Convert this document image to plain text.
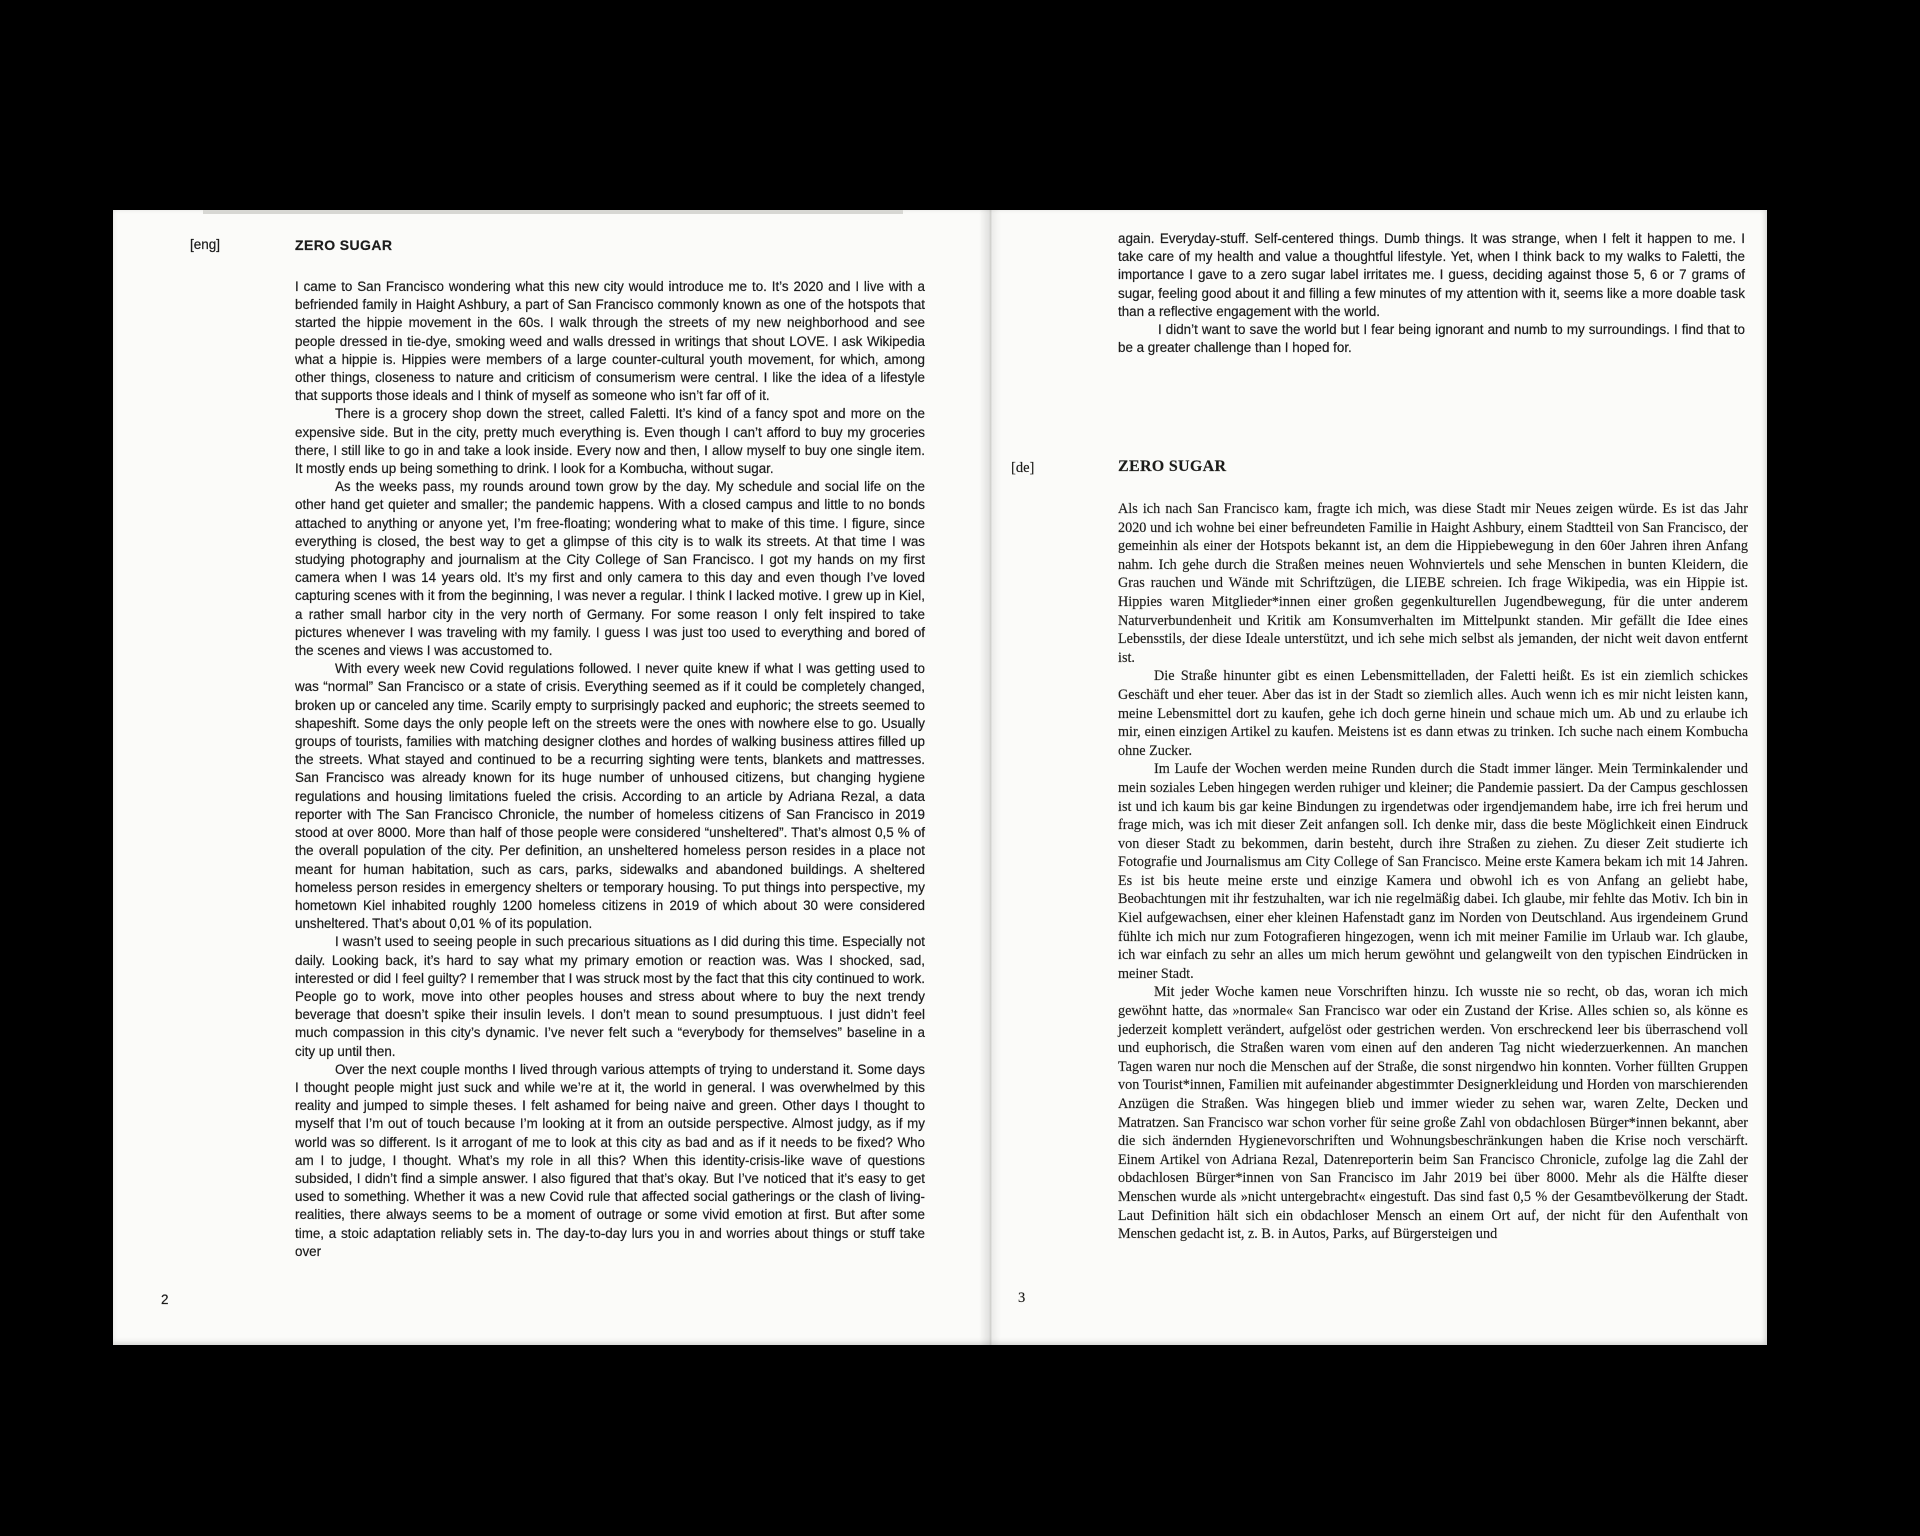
[eng]	ZERO SUGAR

I came to San Francisco wondering what this new city would introduce me to. It’s 2020 and I live with a befriended family in Haight Ashbury, a part of San Francisco commonly known as one of the hotspots that started the hippie movement in the 60s. I walk through the streets of my new neighborhood and see people dressed in tie-dye, smoking weed and walls dressed in writings that shout LOVE. I ask Wikipedia what a hippie is. Hippies were members of a large counter-cultural youth movement, for which, among other things, closeness to nature and criticism of consumerism were central. I like the idea of a lifestyle that supports those ideals and I think of myself as someone who isn’t far off of it.

There is a grocery shop down the street, called Faletti. It’s kind of a fancy spot and more on the expensive side. But in the city, pretty much everything is. Even though I can’t afford to buy my groceries there, I still like to go in and take a look inside. Every now and then, I allow myself to buy one single item. It mostly ends up being something to drink. I look for a Kombucha, without sugar.

As the weeks pass, my rounds around town grow by the day. My schedule and social life on the other hand get quieter and smaller; the pandemic happens. With a closed campus and little to no bonds attached to anything or anyone yet, I’m free-floating; wondering what to make of this time. I figure, since everything is closed, the best way to get a glimpse of this city is to walk its streets. At that time I was studying photography and journalism at the City College of San Francisco. I got my hands on my first camera when I was 14 years old. It’s my first and only camera to this day and even though I’ve loved capturing scenes with it from the beginning, I was never a regular. I think I lacked motive. I grew up in Kiel, a rather small harbor city in the very north of Germany. For some reason I only felt inspired to take pictures whenever I was traveling with my family. I guess I was just too used to everything and bored of the scenes and views I was accustomed to.

With every week new Covid regulations followed. I never quite knew if what I was getting used to was “normal” San Francisco or a state of crisis. Everything seemed as if it could be completely changed, broken up or canceled any time. Scarily empty to surprisingly packed and euphoric; the streets seemed to shapeshift. Some days the only people left on the streets were the ones with nowhere else to go. Usually groups of tourists, families with matching designer clothes and hordes of walking business attires filled up the streets. What stayed and continued to be a recurring sighting were tents, blankets and mattresses. San Francisco was already known for its huge number of unhoused citizens, but changing hygiene regulations and housing limitations fueled the crisis. According to an article by Adriana Rezal, a data reporter with The San Francisco Chronicle, the number of homeless citizens of San Francisco in 2019 stood at over 8000. More than half of those people were considered “unsheltered”. That’s almost 0,5 % of the overall population of the city. Per definition, an unsheltered homeless person resides in a place not meant for human habitation, such as cars, parks, sidewalks and abandoned buildings. A sheltered homeless person resides in emergency shelters or temporary housing. To put things into perspective, my hometown Kiel inhabited roughly 1200 homeless citizens in 2019 of which about 30 were considered unsheltered. That’s about 0,01 % of its population.

I wasn’t used to seeing people in such precarious situations as I did during this time. Especially not daily. Looking back, it’s hard to say what my primary emotion or reaction was. Was I shocked, sad, interested or did I feel guilty? I remember that I was struck most by the fact that this city continued to work. People go to work, move into other peoples houses and stress about where to buy the next trendy beverage that doesn’t spike their insulin levels. I don’t mean to sound presumptuous. I just didn’t feel much compassion in this city’s dynamic. I’ve never felt such a “everybody for themselves” baseline in a city up until then.

Over the next couple months I lived through various attempts of trying to understand it. Some days I thought people might just suck and while we’re at it, the world in general. I was overwhelmed by this reality and jumped to simple theses. I felt ashamed for being naive and green. Other days I thought to myself that I’m out of touch because I’m looking at it from an outside perspective. Almost judgy, as if my world was so different. Is it arrogant of me to look at this city as bad and as if it needs to be fixed? Who am I to judge, I thought. What’s my role in all this? When this identity-crisis-like wave of questions subsided, I didn’t find a simple answer. I also figured that that’s okay. But I’ve noticed that it’s easy to get used to something. Whether it was a new Covid rule that affected social gatherings or the clash of living-realities, there always seems to be a moment of outrage or some vivid emotion at first. But after some time, a stoic adaptation reliably sets in. The day-to-day lurs you in and worries about things or stuff take over

2

again. Everyday-stuff. Self-centered things. Dumb things. It was strange, when I felt it happen to me. I take care of my health and value a thoughtful lifestyle. Yet, when I think back to my walks to Faletti, the importance I gave to a zero sugar label irritates me. I guess, deciding against those 5, 6 or 7 grams of sugar, feeling good about it and filling a few minutes of my attention with it, seems like a more doable task than a reflective engagement with the world.

I didn’t want to save the world but I fear being ignorant and numb to my surroundings. I find that to be a greater challenge than I hoped for.

[de]	ZERO SUGAR

Als ich nach San Francisco kam, fragte ich mich, was diese Stadt mir Neues zeigen würde. Es ist das Jahr 2020 und ich wohne bei einer befreundeten Familie in Haight Ashbury, einem Stadtteil von San Francisco, der gemeinhin als einer der Hotspots bekannt ist, an dem die Hippiebewegung in den 60er Jahren ihren Anfang nahm. Ich gehe durch die Straßen meines neuen Wohnviertels und sehe Menschen in bunten Kleidern, die Gras rauchen und Wände mit Schriftzügen, die LIEBE schreien. Ich frage Wikipedia, was ein Hippie ist. Hippies waren Mitglieder*innen einer großen gegenkulturellen Jugendbewegung, für die unter anderem Naturverbundenheit und Kritik am Konsumverhalten im Mittelpunkt standen. Mir gefällt die Idee eines Lebensstils, der diese Ideale unterstützt, und ich sehe mich selbst als jemanden, der nicht weit davon entfernt ist.

Die Straße hinunter gibt es einen Lebensmittelladen, der Faletti heißt. Es ist ein ziemlich schickes Geschäft und eher teuer. Aber das ist in der Stadt so ziemlich alles. Auch wenn ich es mir nicht leisten kann, meine Lebensmittel dort zu kaufen, gehe ich doch gerne hinein und schaue mich um. Ab und zu erlaube ich mir, einen einzigen Artikel zu kaufen. Meistens ist es dann etwas zu trinken. Ich suche nach einem Kombucha ohne Zucker.

Im Laufe der Wochen werden meine Runden durch die Stadt immer länger. Mein Terminkalender und mein soziales Leben hingegen werden ruhiger und kleiner; die Pandemie passiert. Da der Campus geschlossen ist und ich kaum bis gar keine Bindungen zu irgendetwas oder irgendjemandem habe, irre ich frei herum und frage mich, was ich mit dieser Zeit anfangen soll. Ich denke mir, dass die beste Möglichkeit einen Eindruck von dieser Stadt zu bekommen, darin besteht, durch ihre Straßen zu ziehen. Zu dieser Zeit studierte ich Fotografie und Journalismus am City College of San Francisco. Meine erste Kamera bekam ich mit 14 Jahren. Es ist bis heute meine erste und einzige Kamera und obwohl ich es von Anfang an geliebt habe, Beobachtungen mit ihr festzuhalten, war ich nie regelmäßig dabei. Ich glaube, mir fehlte das Motiv. Ich bin in Kiel aufgewachsen, einer eher kleinen Hafenstadt ganz im Norden von Deutschland. Aus irgendeinem Grund fühlte ich mich nur zum Fotografieren hingezogen, wenn ich mit meiner Familie im Urlaub war. Ich glaube, ich war einfach zu sehr an alles um mich herum gewöhnt und gelangweilt von den typischen Eindrücken in meiner Stadt.

Mit jeder Woche kamen neue Vorschriften hinzu. Ich wusste nie so recht, ob das, woran ich mich gewöhnt hatte, das »normale« San Francisco war oder ein Zustand der Krise. Alles schien so, als könne es jederzeit komplett verändert, aufgelöst oder gestrichen werden. Von erschreckend leer bis überraschend voll und euphorisch, die Straßen waren vom einen auf den anderen Tag nicht wiederzuerkennen. An manchen Tagen waren nur noch die Menschen auf der Straße, die sonst nirgendwo hin konnten. Vorher füllten Gruppen von Tourist*innen, Familien mit aufeinander abgestimmter Designerkleidung und Horden von marschierenden Anzügen die Straßen. Was hingegen blieb und immer wieder zu sehen war, waren Zelte, Decken und Matratzen. San Francisco war schon vorher für seine große Zahl von obdachlosen Bürger*innen bekannt, aber die sich ändernden Hygienevorschriften und Wohnungsbeschränkungen haben die Krise noch verschärft. Einem Artikel von Adriana Rezal, Datenreporterin beim San Francisco Chronicle, zufolge lag die Zahl der obdachlosen Bürger*innen von San Francisco im Jahr 2019 bei über 8000. Mehr als die Hälfte dieser Menschen wurde als »nicht untergebracht« eingestuft. Das sind fast 0,5 % der Gesamtbevölkerung der Stadt. Laut Definition hält sich ein obdachloser Mensch an einem Ort auf, der nicht für den Aufenthalt von Menschen gedacht ist, z. B. in Autos, Parks, auf Bürgersteigen und

3
